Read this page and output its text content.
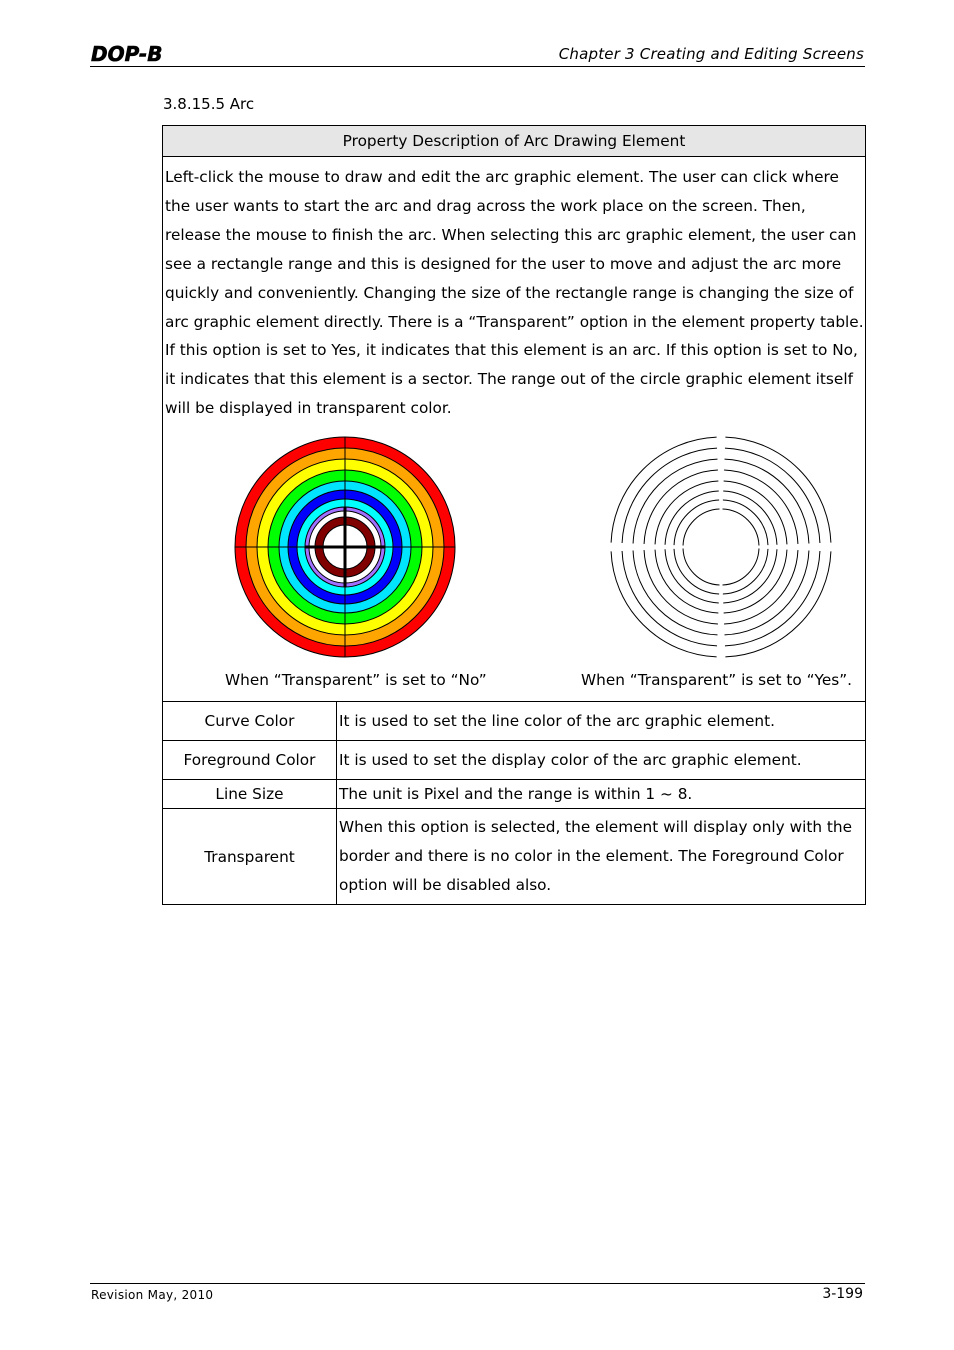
DOP-B	Chapter 3 Creating and Editing Screens
3.8.15.5 Arc
Property Description of Arc Drawing Element	

Left-click the mouse to draw and edit the arc graphic element. The user can click where the user wants to start the arc and drag across the work place on the screen. Then, release the mouse to finish the arc. When selecting this arc graphic element, the user can see a rectangle range and this is designed for the user to move and adjust the arc more quickly and conveniently. Changing the size of the rectangle range is changing the size of arc graphic element directly. There is a “Transparent” option in the element property table. If this option is set to Yes, it indicates that this element is an arc. If this option is set to No, it indicates that this element is a sector. The range out of the circle graphic element itself will be displayed in transparent color.
When “Transparent” is set to “No” When “Transparent” is set to “Yes”.	

Curve Color	It is used to set the line color of the arc graphic element.
Foreground Color	It is used to set the display color of the arc graphic element.
Line Size	The unit is Pixel and the range is within 1 ~ 8.
Transparent	When this option is selected, the element will display only with the border and there is no color in the element. The Foreground Color option will be disabled also.
Revision May, 2010	3-199
